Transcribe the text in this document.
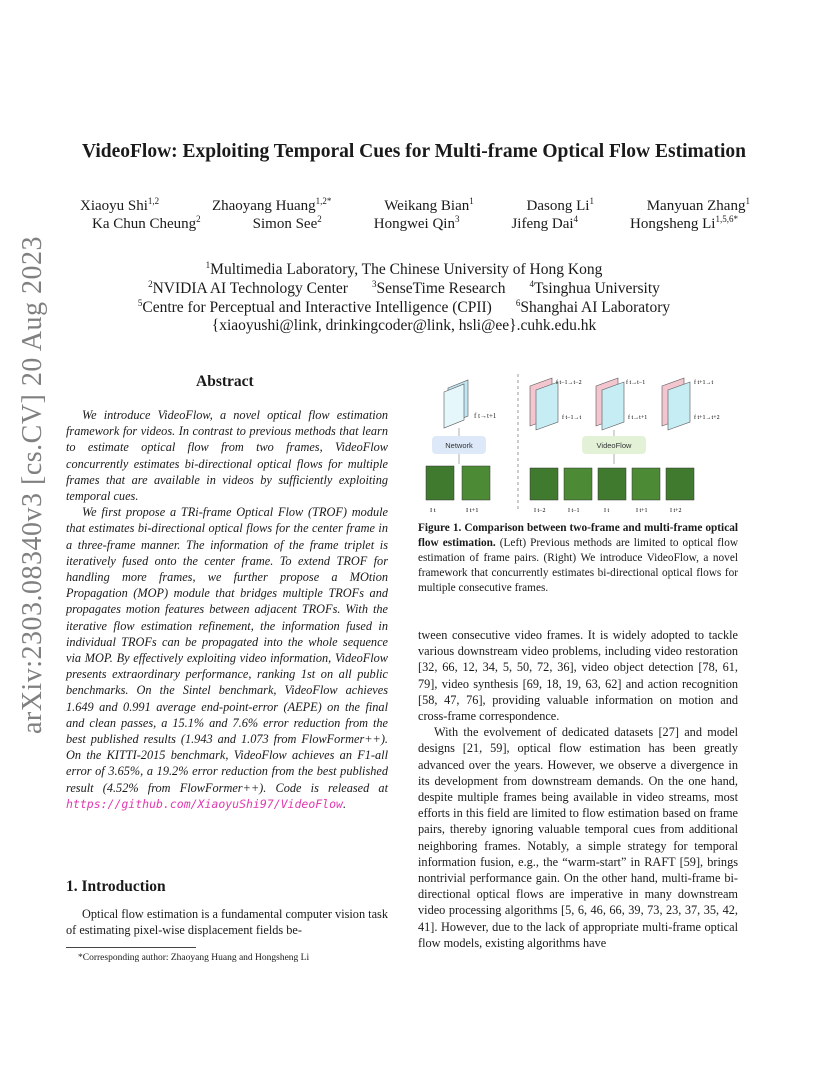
arXiv:2303.08340v3 [cs.CV] 20 Aug 2023
VideoFlow: Exploiting Temporal Cues for Multi-frame Optical Flow Estimation
Xiaoyu Shi$^{1,2}$	Zhaoyang Huang$^{1,2*}$	Weikang Bian$^1$	Dasong Li$^1$	Manyuan Zhang$^1$
Ka Chun Cheung$^2$	Simon See$^2$	Hongwei Qin$^3$	Jifeng Dai$^4$	Hongsheng $Li^{1,5,6*}$
$^1$Multimedia Laboratory, The Chinese University of Hong Kong
$^2$NVIDIA AI Technology Center	$^3$SenseTime Research	$^4$Tsinghua University
$^5$Centre for Perceptual and Interactive Intelligence (CPII)	$^6$Shanghai AI Laboratory
{xiaoyushi@link, drinkingcoder@link, hsli@ee}.cuhk.edu.hk
Abstract

We introduce VideoFlow, a novel optical flow estimation framework for videos. In contrast to previous methods that learn to estimate optical flow from two frames, VideoFlow concurrently estimates bi-directional optical flows for multiple frames that are available in videos by sufficiently exploiting temporal cues.

We first propose a TRi-frame Optical Flow (TROF) module that estimates bi-directional optical flows for the center frame in a three-frame manner. The information of the frame triplet is iteratively fused onto the center frame. To extend TROF for handling more frames, we further propose a MOtion Propagation (MOP) module that bridges multiple TROFs and propagates motion features between adjacent TROFs. With the iterative flow estimation refinement, the information fused in individual TROFs can be propagated into the whole sequence via MOP. By effectively exploiting video information, VideoFlow presents extraordinary performance, ranking 1st on all public benchmarks. On the Sintel benchmark, VideoFlow achieves 1.649 and 0.991 average end-point-error (AEPE) on the final and clean passes, a 15.1% and 7.6% error reduction from the best published results (1.943 and 1.073 from FlowFormer++). On the KITTI-2015 benchmark, VideoFlow achieves an F1-all error of 3.65%, a 19.2% error reduction from the best published result (4.52% from FlowFormer++). Code is released at https://github.com/XiaoyuShi97/VideoFlow.

1. Introduction
Optical flow estimation is a fundamental computer vision task of estimating pixel-wise displacement fields be-
*Corresponding author: Zhaoyang Huang and Hongsheng Li
f t→t+1
Network
I t	I t+1
f t−1→t−2	f t→t−1	f t+1→t
f t−1→t	f t→t+1	f t+1→t+2
VideoFlow
I t−2	I t−1	I t	I t+1	I t+2
Figure 1. Comparison between two-frame and multi-frame optical flow estimation. (Left) Previous methods are limited to optical flow estimation of frame pairs. (Right) We introduce VideoFlow, a novel framework that concurrently estimates bi-directional optical flows for multiple consecutive frames.

tween consecutive video frames. It is widely adopted to tackle various downstream video problems, including video restoration [32, 66, 12, 34, 5, 50, 72, 36], video object detection [78, 61, 79], video synthesis [69, 18, 19, 63, 62] and action recognition [58, 47, 76], providing valuable information on motion and cross-frame correspondence.

With the evolvement of dedicated datasets [27] and model designs [21, 59], optical flow estimation has been greatly advanced over the years. However, we observe a divergence in its development from downstream demands. On the one hand, despite multiple frames being available in video streams, most efforts in this field are limited to flow estimation based on frame pairs, thereby ignoring valuable temporal cues from additional neighboring frames. Notably, a simple strategy for temporal information fusion, e.g., the “warm-start” in RAFT [59], brings nontrivial performance gain. On the other hand, multi-frame bi-directional optical flows are imperative in many downstream video processing algorithms [5, 6, 46, 66, 39, 73, 23, 37, 35, 42, 41]. However, due to the lack of appropriate multi-frame optical flow models, existing algorithms have
